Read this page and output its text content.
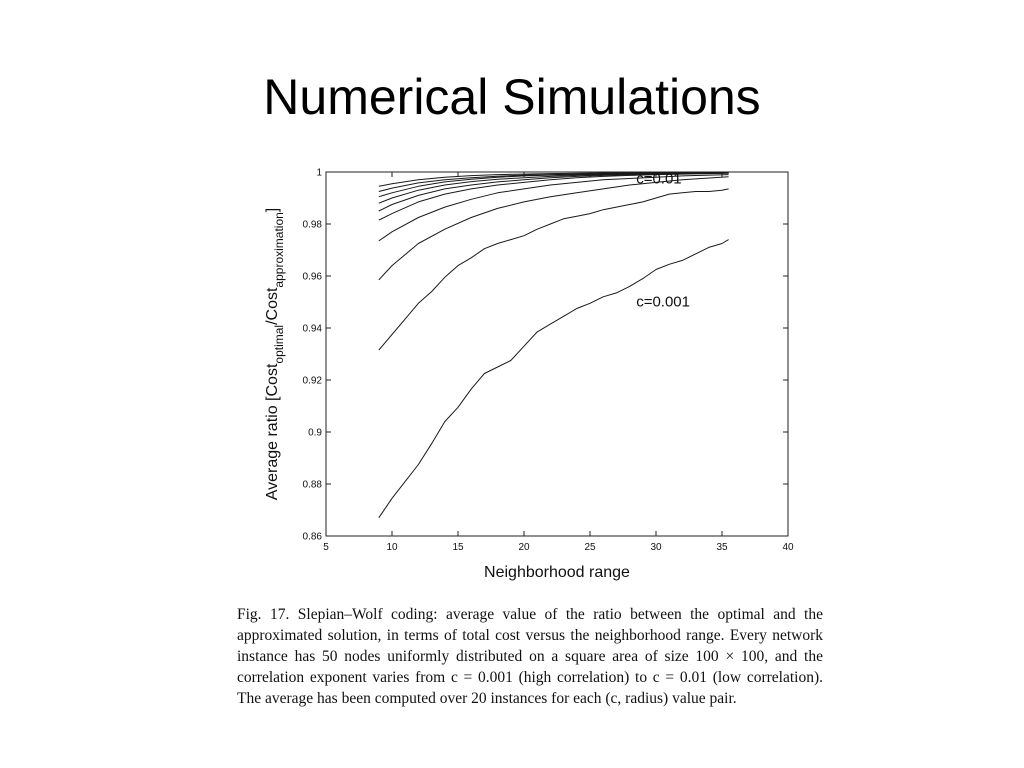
Numerical Simulations
5	10	15	20	25	30	35	40
0.86
0.88
0.9
0.92
0.94
0.96
0.98
1	c=0.01
c=0.001
Neighborhood range
Average ratio [Cost$_{optimal}$/Cost$_{approximation}$]

Fig. 17. Slepian–Wolf coding: average value of the ratio between the optimal and the approximated solution, in terms of total cost versus the neighborhood range. Every network instance has 50 nodes uniformly distributed on a square area of size 100 × 100, and the correlation exponent varies from c = 0.001 (high correlation) to c = 0.01 (low correlation). The average has been computed over 20 instances for each (c, radius) value pair.
